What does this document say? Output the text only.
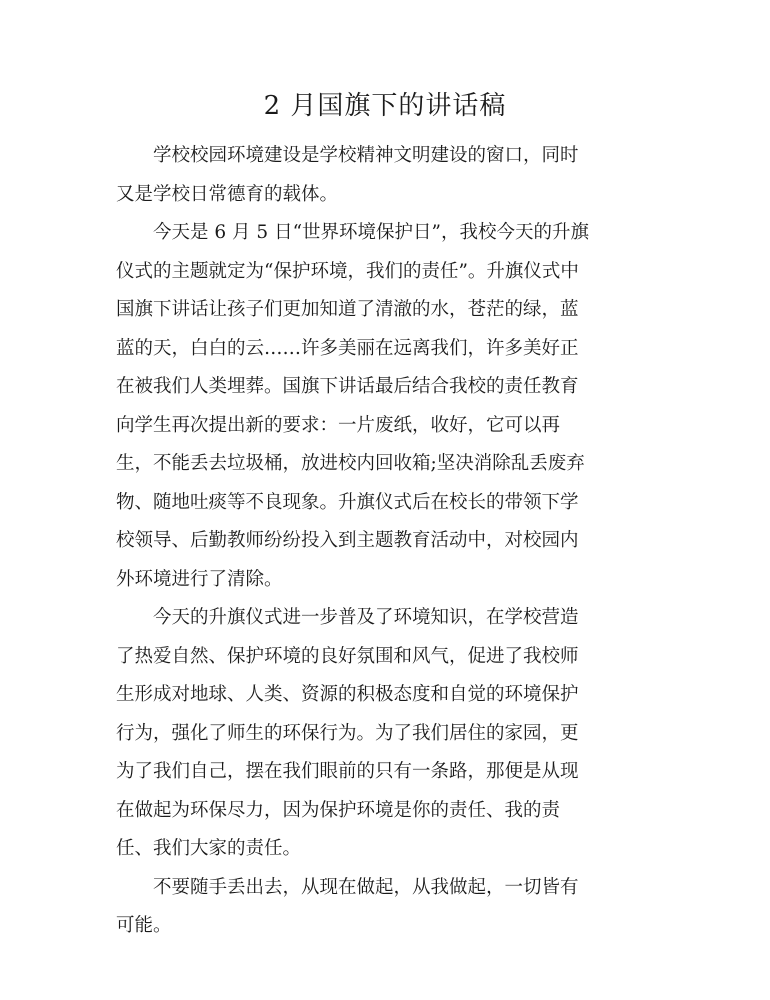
2 月国旗下的讲话稿
学校校园环境建设是学校精神文明建设的窗口，同时
又是学校日常德育的载体。
今天是 6 月 5 日“世界环境保护日”，我校今天的升旗
仪式的主题就定为“保护环境，我们的责任”。升旗仪式中
国旗下讲话让孩子们更加知道了清澈的水，苍茫的绿，蓝
蓝的天，白白的云……许多美丽在远离我们，许多美好正
在被我们人类埋葬。国旗下讲话最后结合我校的责任教育
向学生再次提出新的要求：一片废纸，收好，它可以再
生，不能丢去垃圾桶，放进校内回收箱;坚决消除乱丢废弃
物、随地吐痰等不良现象。升旗仪式后在校长的带领下学
校领导、后勤教师纷纷投入到主题教育活动中，对校园内
外环境进行了清除。
今天的升旗仪式进一步普及了环境知识，在学校营造
了热爱自然、保护环境的良好氛围和风气，促进了我校师
生形成对地球、人类、资源的积极态度和自觉的环境保护
行为，强化了师生的环保行为。为了我们居住的家园，更
为了我们自己，摆在我们眼前的只有一条路，那便是从现
在做起为环保尽力，因为保护环境是你的责任、我的责
任、我们大家的责任。
不要随手丢出去，从现在做起，从我做起，一切皆有
可能。
